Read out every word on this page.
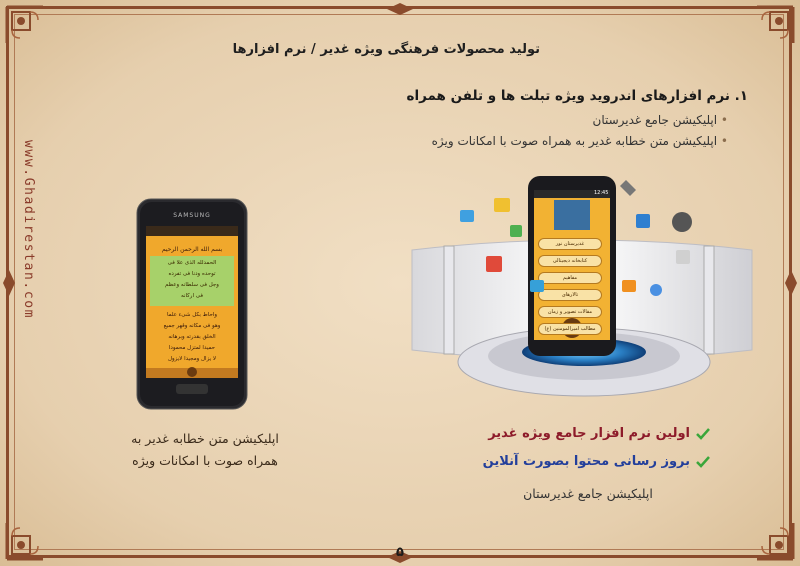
www.Ghadirestan.com
تولید محصولات فرهنگی ویژه غدیر / نرم افزارها
۱. نرم افزارهای اندروید ویژه تبلت ها و تلفن همراه
• اپلیکیشن جامع غدیرستان
• اپلیکیشن متن خطابه غدیر به همراه صوت با امکانات ویژه
SAMSUNG
بسم الله الرحمن الرحیم
الحمدلله الذی علا فی
توحده ودنا فی تفرده
وجل فی سلطانه وعظم
فی ارکانه
واحاط بکل شیء علما
وهو فی مکانه وقهر جمیع
الخلق بقدرته وبرهانه
حمیدا لمتزل محمودا
لا یزال ومجیدا لایزول
اپلیکیشن متن خطابه غدیر به
همراه صوت با امکانات ویژه
12:45
غدیرستان نور
کتابخانه دیجیتالی
مفاهیم
تالارهای
مقالات تصویر و زمان
مطالب امیرالمومنین (ع)
اولین نرم افزار جامع ویژه غدیر
بروز رسانی محتوا بصورت آنلاین
اپلیکیشن جامع غدیرستان
۵
